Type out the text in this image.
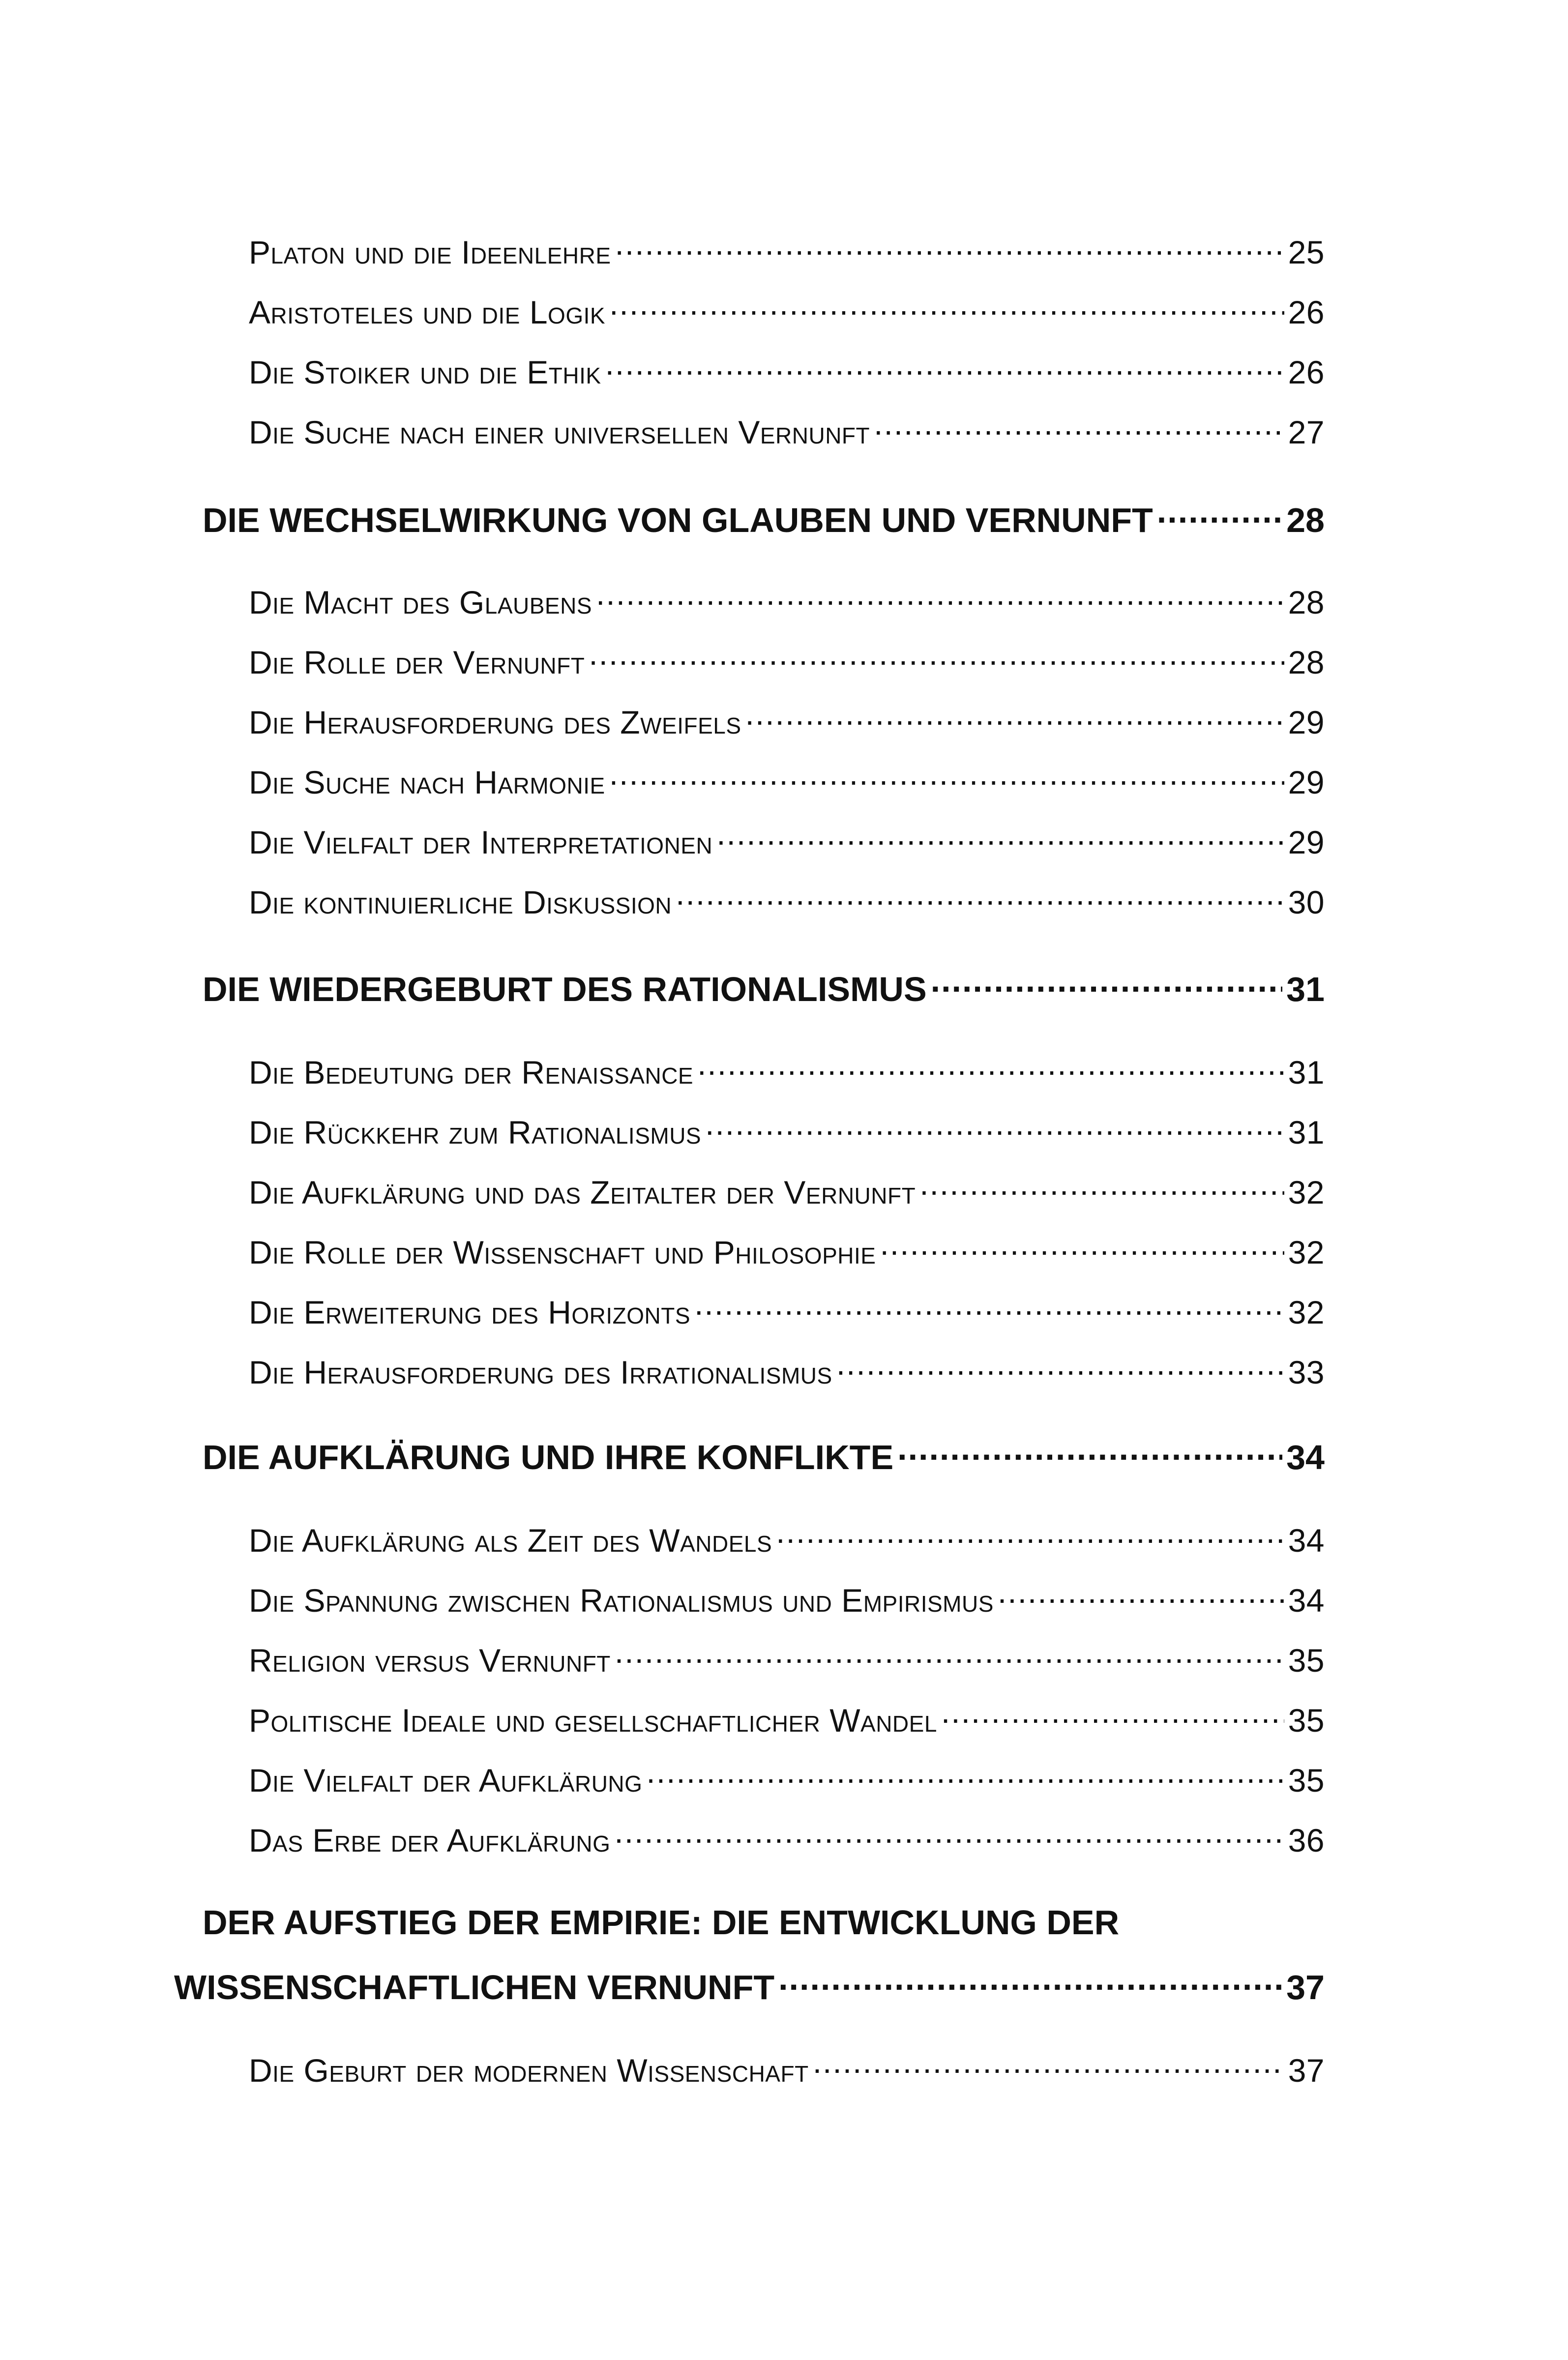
Platon und die Ideenlehre .....	25
Aristoteles und die Logik .....	26
Die Stoiker und die Ethik .....	26
Die Suche nach einer universellen Vernunft .....	27
DIE WECHSELWIRKUNG VON GLAUBEN UND VERNUNFT .....	28
Die Macht des Glaubens .....	28
Die Rolle der Vernunft .....	28
Die Herausforderung des Zweifels .....	29
Die Suche nach Harmonie .....	29
Die Vielfalt der Interpretationen .....	29
Die kontinuierliche Diskussion .....	30
DIE WIEDERGEBURT DES RATIONALISMUS .....	31
Die Bedeutung der Renaissance .....	31
Die Rückkehr zum Rationalismus .....	31
Die Aufklärung und das Zeitalter der Vernunft .....	32
Die Rolle der Wissenschaft und Philosophie .....	32
Die Erweiterung des Horizonts .....	32
Die Herausforderung des Irrationalismus .....	33
DIE AUFKLÄRUNG UND IHRE KONFLIKTE .....	34
Die Aufklärung als Zeit des Wandels .....	34
Die Spannung zwischen Rationalismus und Empirismus .....	34
Religion versus Vernunft .....	35
Politische Ideale und gesellschaftlicher Wandel .....	35
Die Vielfalt der Aufklärung .....	35
Das Erbe der Aufklärung .....	36
DER AUFSTIEG DER EMPIRIE: DIE ENTWICKLUNG DER
WISSENSCHAFTLICHEN VERNUNFT .....	37
Die Geburt der modernen Wissenschaft .....	37
